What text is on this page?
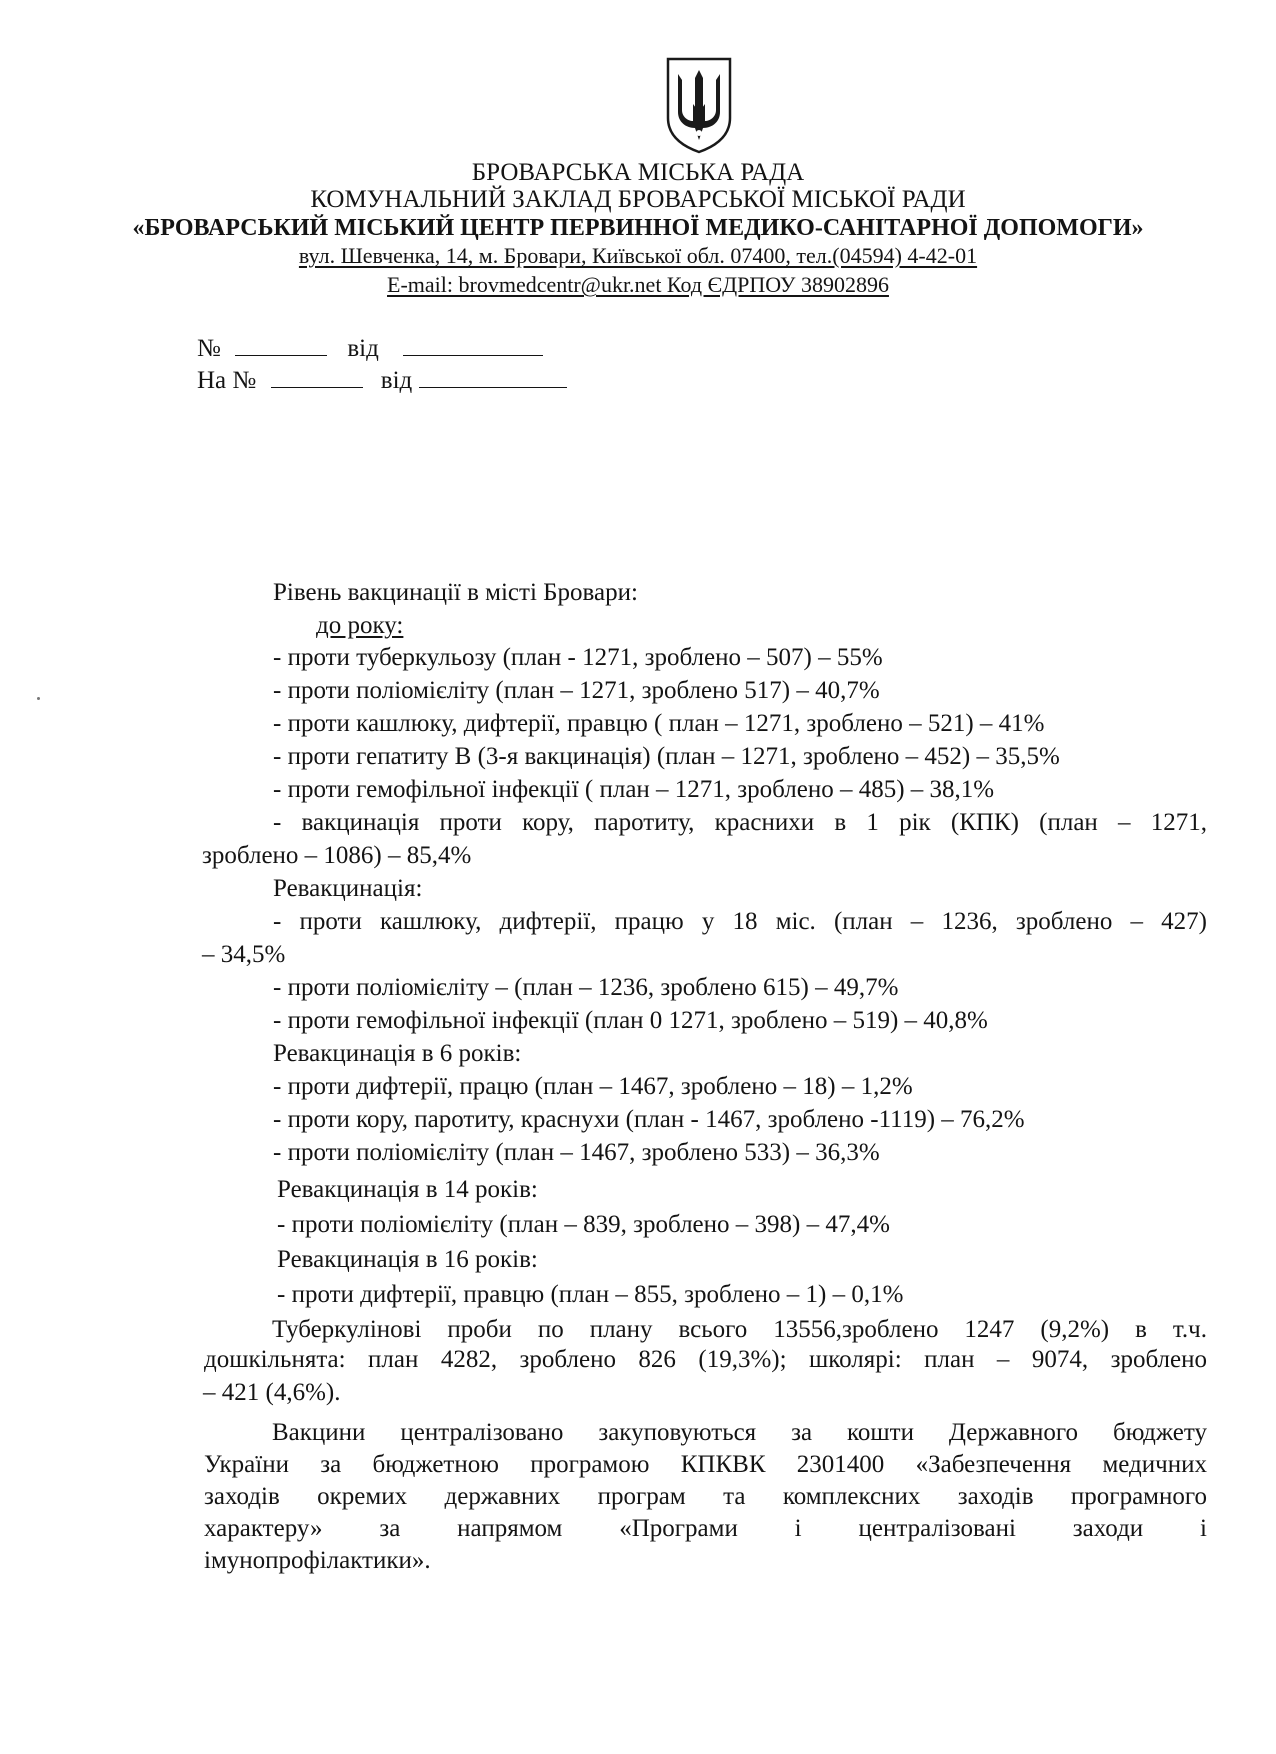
БРОВАРСЬКА МІСЬКА РАДА
КОМУНАЛЬНИЙ ЗАКЛАД БРОВАРСЬКОЇ МІСЬКОЇ РАДИ
«БРОВАРСЬКИЙ МІСЬКИЙ ЦЕНТР ПЕРВИННОЇ МЕДИКО-САНІТАРНОЇ ДОПОМОГИ»
вул. Шевченка, 14, м. Бровари, Київської обл. 07400, тел.(04594) 4-42-01
E-mail: brovmedcentr@ukr.net Код ЄДРПОУ 38902896
№	від
На №	від
Рівень вакцинації в місті Бровари:
до року:
- проти туберкульозу (план - 1271, зроблено – 507) – 55%
- проти поліомієліту (план – 1271, зроблено 517) – 40,7%
- проти кашлюку, дифтерії, правцю ( план – 1271, зроблено – 521) – 41%
- проти гепатиту В (3-я вакцинація) (план – 1271, зроблено – 452) – 35,5%
- проти гемофільної інфекції ( план – 1271, зроблено – 485) – 38,1%
- вакцинація проти кору, паротиту, краснихи в 1 рік (КПК) (план – 1271,
зроблено – 1086) – 85,4%
Ревакцинація:
- проти кашлюку, дифтерії, працю у 18 міс. (план – 1236, зроблено – 427)
– 34,5%
- проти поліомієліту – (план – 1236, зроблено 615) – 49,7%
- проти гемофільної інфекції (план 0 1271, зроблено – 519) – 40,8%
Ревакцинація в 6 років:
- проти дифтерії, працю (план – 1467, зроблено – 18) – 1,2%
- проти кору, паротиту, краснухи (план - 1467, зроблено -1119) – 76,2%
- проти поліомієліту (план – 1467, зроблено 533) – 36,3%
Ревакцинація в 14 років:
- проти поліомієліту (план – 839, зроблено – 398) – 47,4%
Ревакцинація в 16 років:
- проти дифтерії, правцю (план – 855, зроблено – 1) – 0,1%
Туберкулінові проби по плану всього 13556,зроблено 1247 (9,2%) в т.ч.
дошкільнята: план 4282, зроблено 826 (19,3%); школярі: план – 9074, зроблено
– 421 (4,6%).
Вакцини централізовано закуповуються за кошти Державного бюджету
України за бюджетною програмою КПКВК 2301400 «Забезпечення медичних
заходів окремих державних програм та комплексних заходів програмного
характеру» за напрямом «Програми і централізовані заходи і
імунопрофілактики».
